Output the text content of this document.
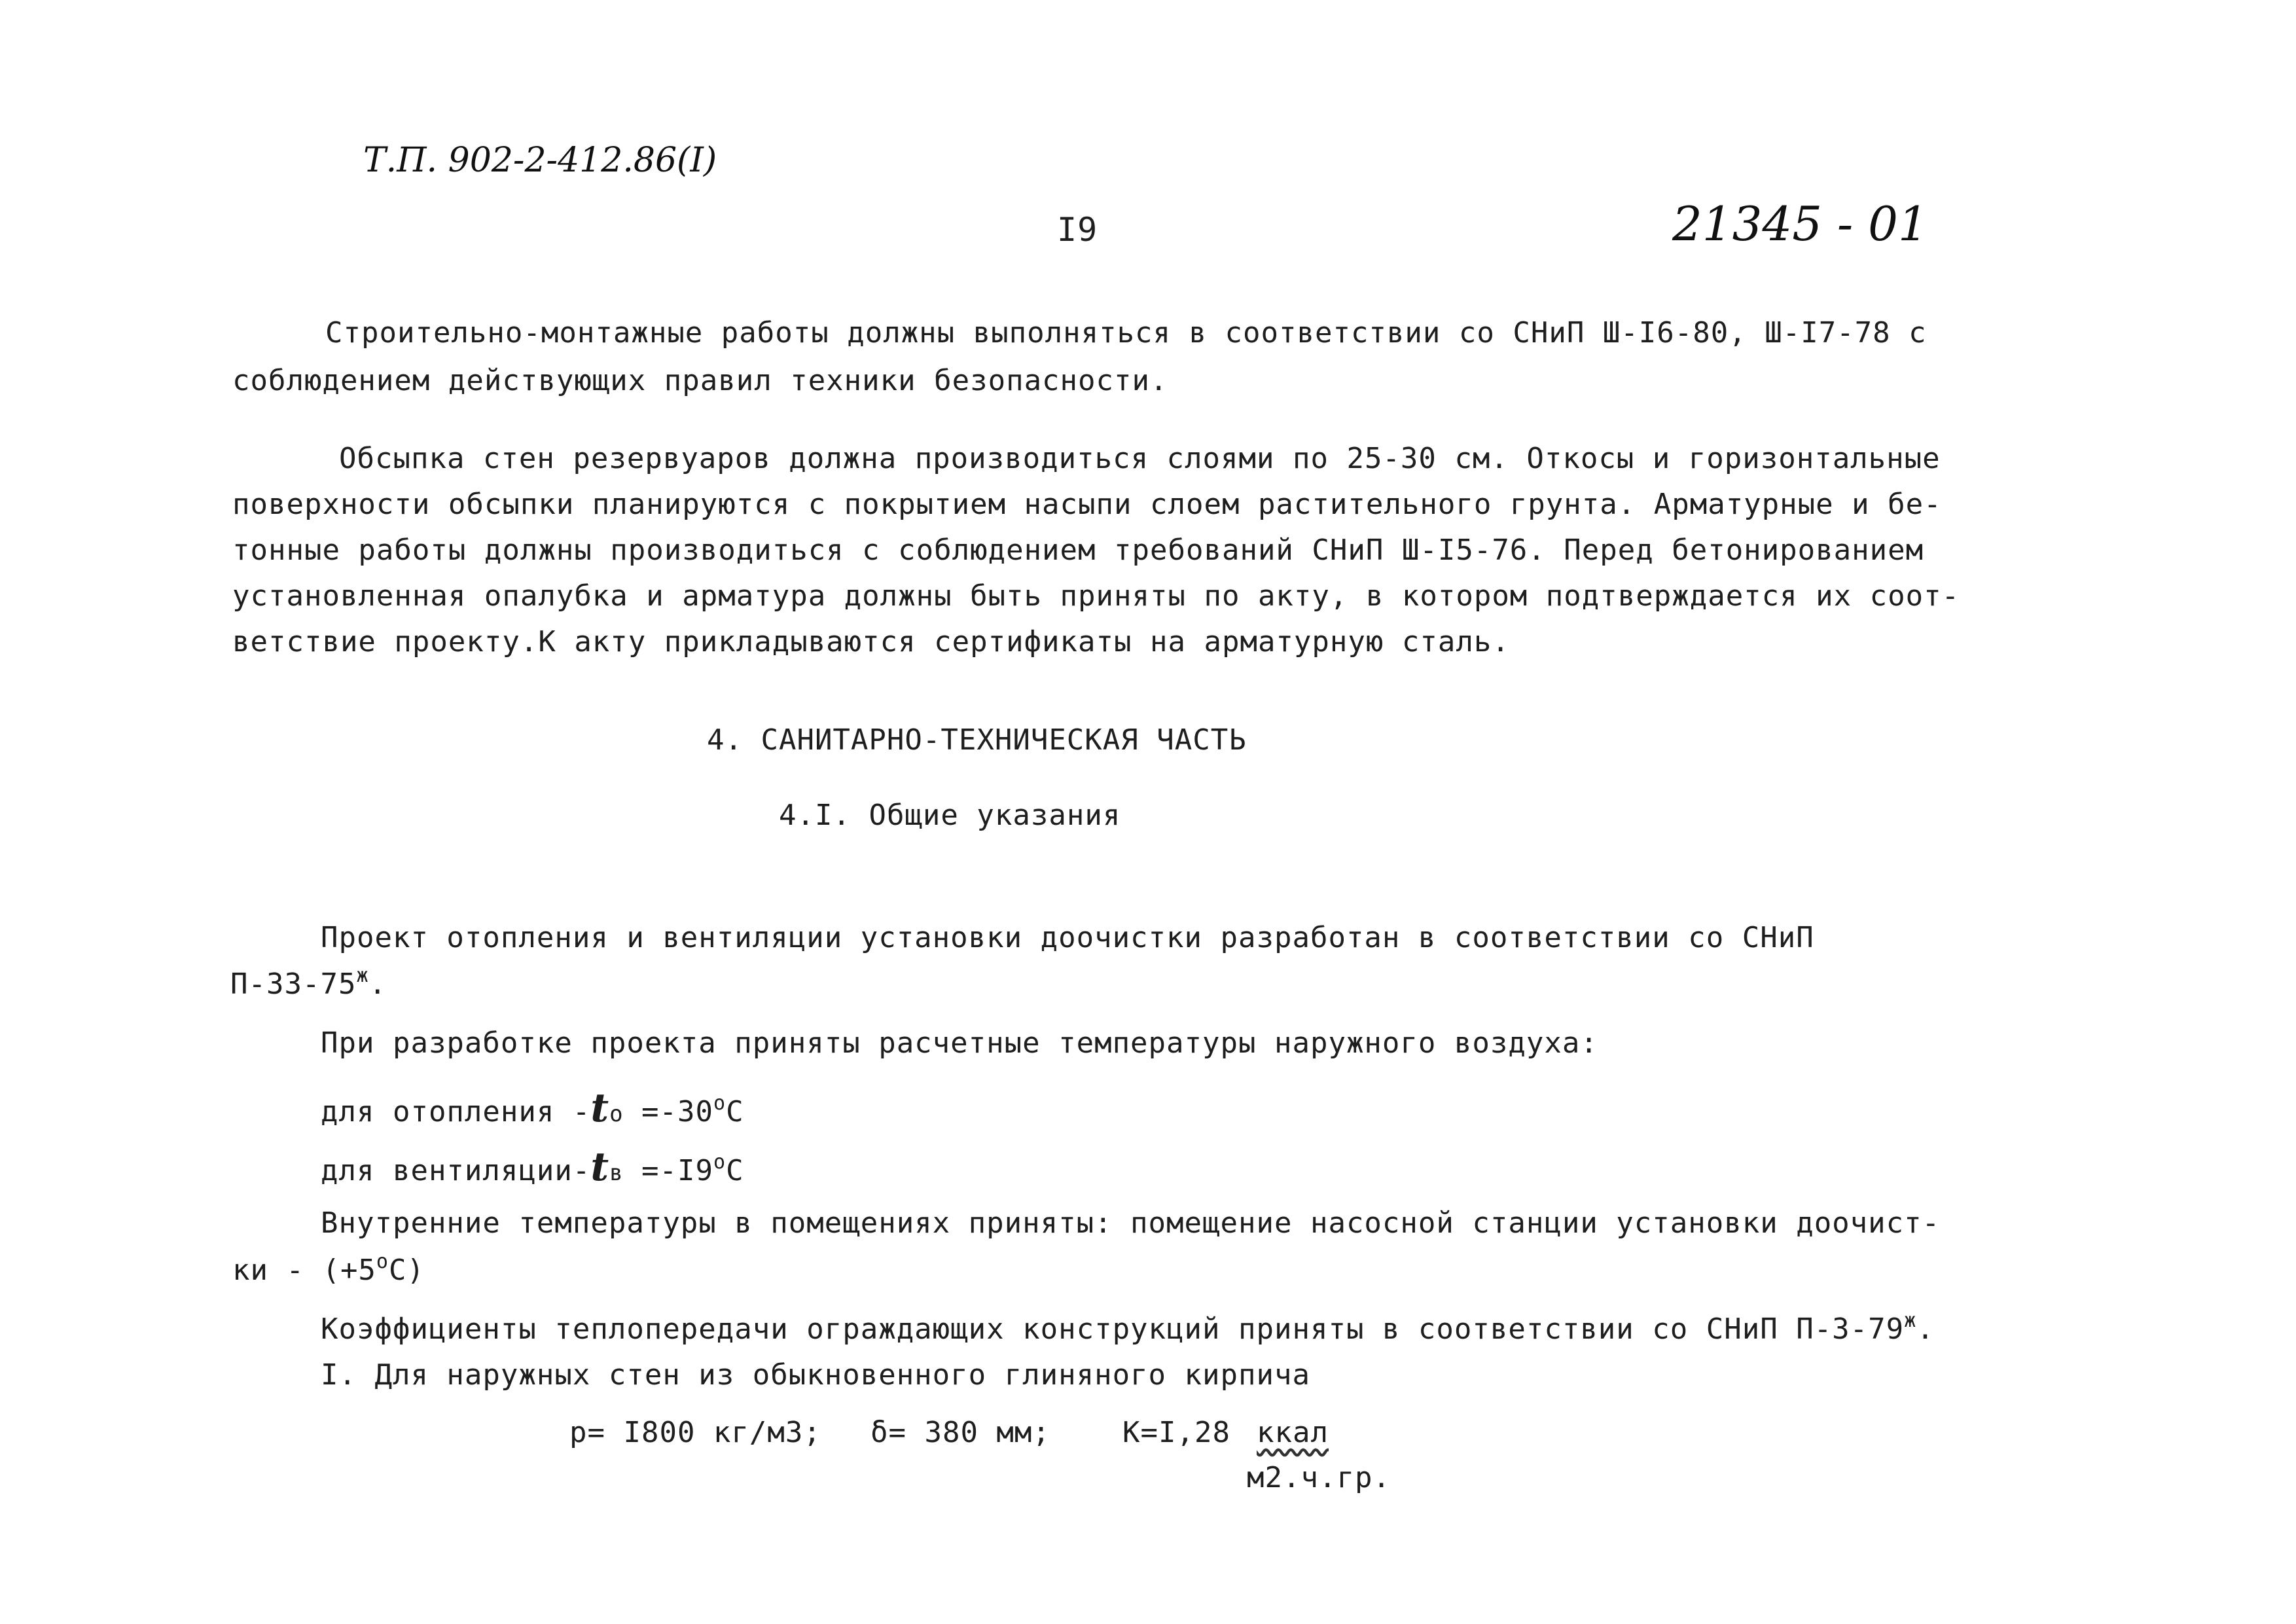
Т.П. 902-2-412.86(I)
I9	21345 - 01
Строительно-монтажные работы должны выполняться в соответствии со СНиП Ш-I6-80, Ш-I7-78 с
соблюдением действующих правил техники безопасности.
Обсыпка стен резервуаров должна производиться слоями по 25-30 см. Откосы и горизонтальные
поверхности обсыпки планируются с покрытием насыпи слоем растительного грунта. Арматурные и бе-
тонные работы должны производиться с соблюдением требований СНиП Ш-I5-76. Перед бетонированием
установленная опалубка и арматура должны быть приняты по акту, в котором подтверждается их соот-
ветствие проекту.К акту прикладываются сертификаты на арматурную сталь.
4. САНИТАРНО-ТЕХНИЧЕСКАЯ ЧАСТЬ
4.I. Общие указания
Проект отопления и вентиляции установки доочистки разработан в соответствии со СНиП
$П-33-75^ж$.
При разработке проекта приняты расчетные температуры наружного воздуха:
для отопления $-tо =-30^оС$
для вентиляции-tв $=-I9^оС$
Внутренние температуры в помещениях приняты: помещение насосной станции установки доочист-
ки - $(+5^оС)$
Коэффициенты теплопередачи ограждающих конструкций приняты в соответствии со СНиП $П-3-79^ж$.
I. Для наружных стен из обыкновенного глиняного кирпича
р= I800 кг/м3; δ= 380 мм;	К=I,28 ккал
м2.ч.гр.
